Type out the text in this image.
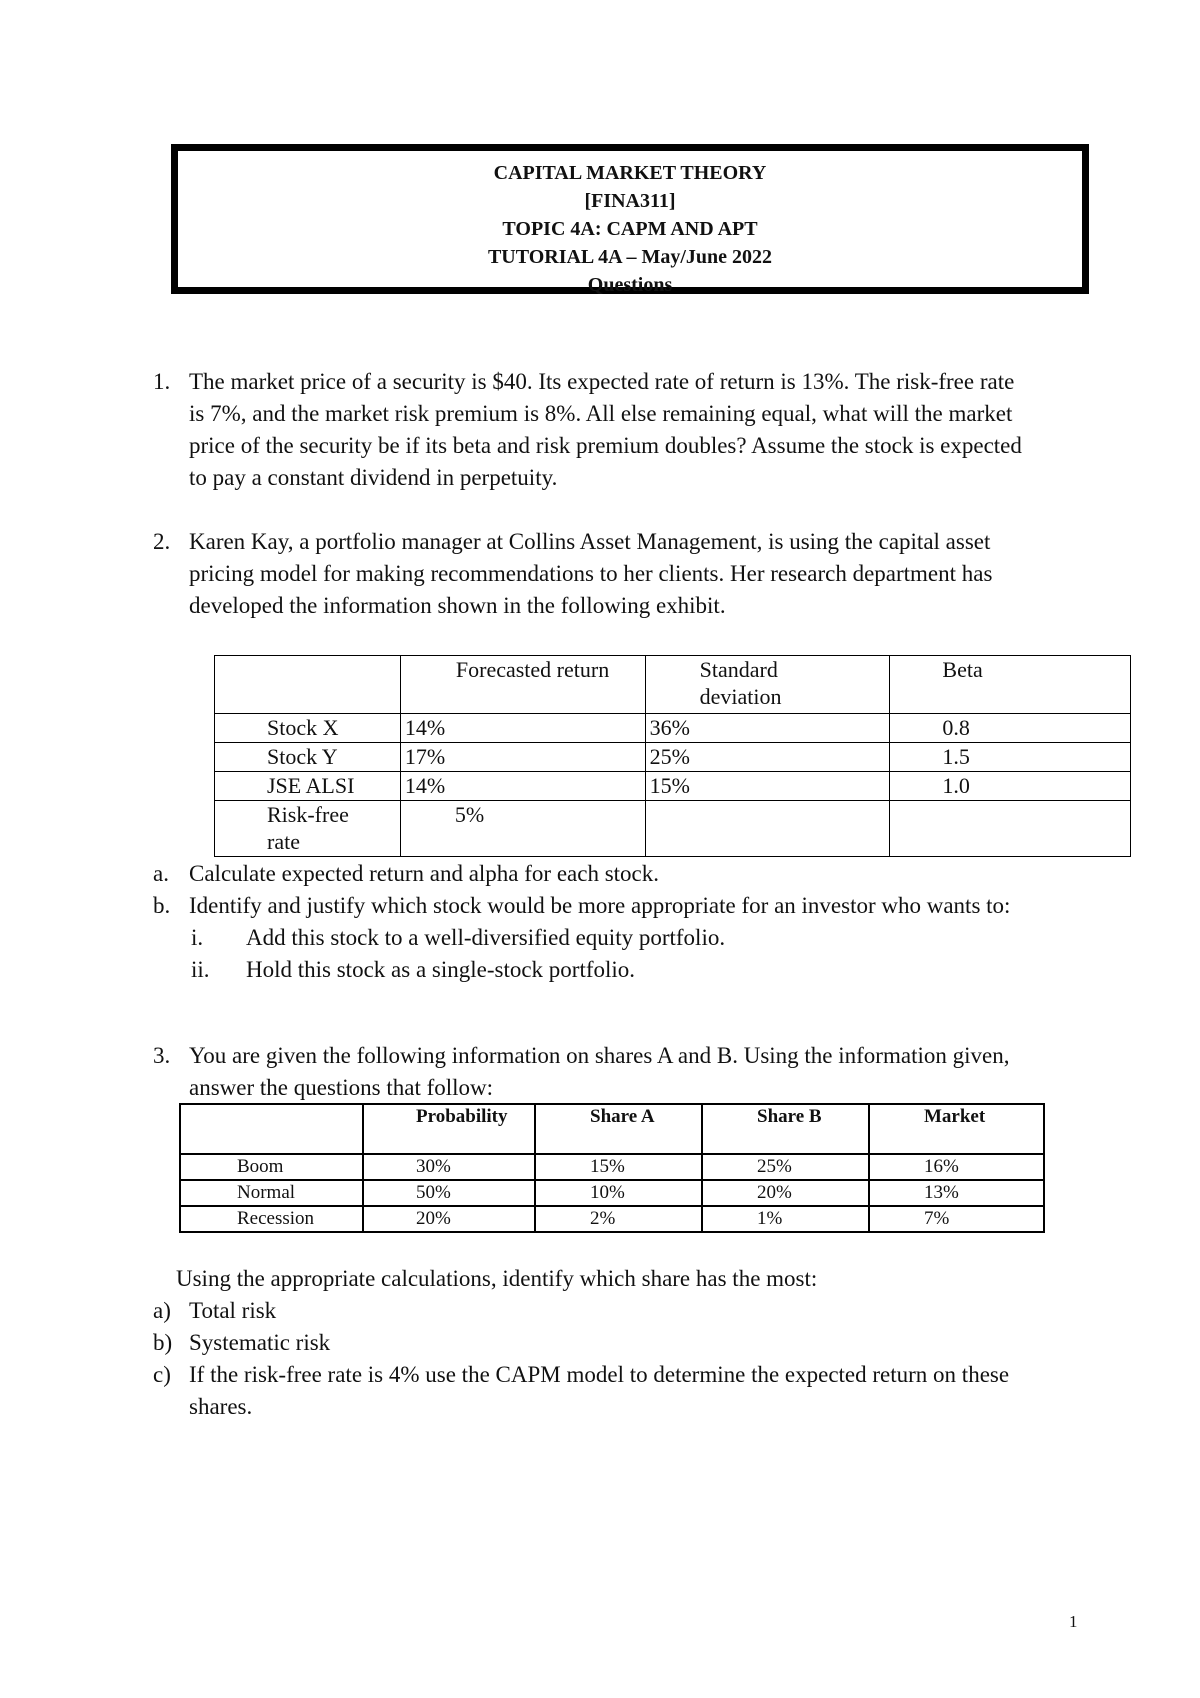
CAPITAL MARKET THEORY
[FINA311]
TOPIC 4A: CAPM AND APT
TUTORIAL 4A – May/June 2022
Questions
1. The market price of a security is $40. Its expected rate of return is 13%. The risk-free rate
is 7%, and the market risk premium is 8%. All else remaining equal, what will the market
price of the security be if its beta and risk premium doubles? Assume the stock is expected
to pay a constant dividend in perpetuity.
2. Karen Kay, a portfolio manager at Collins Asset Management, is using the capital asset
pricing model for making recommendations to her clients. Her research department has
developed the information shown in the following exhibit.
	Forecasted return	Standard deviation	Beta
Stock X	14%	36%	0.8
Stock Y	17%	25%	1.5
JSE ALSI	14%	15%	1.0

Risk-free rate	5%		
a. Calculate expected return and alpha for each stock.
b. Identify and justify which stock would be more appropriate for an investor who wants to:
i. Add this stock to a well-diversified equity portfolio.
ii. Hold this stock as a single-stock portfolio.
3. You are given the following information on shares A and B. Using the information given,
answer the questions that follow:

	Probability	Share A	Share B	Market
Boom	30%	15%	25%	16%
Normal	50%	10%	20%	13%
Recession	20%	2%	1%	7%
Using the appropriate calculations, identify which share has the most:
a) Total risk
b) Systematic risk
c) If the risk-free rate is 4% use the CAPM model to determine the expected return on these
shares.
1
